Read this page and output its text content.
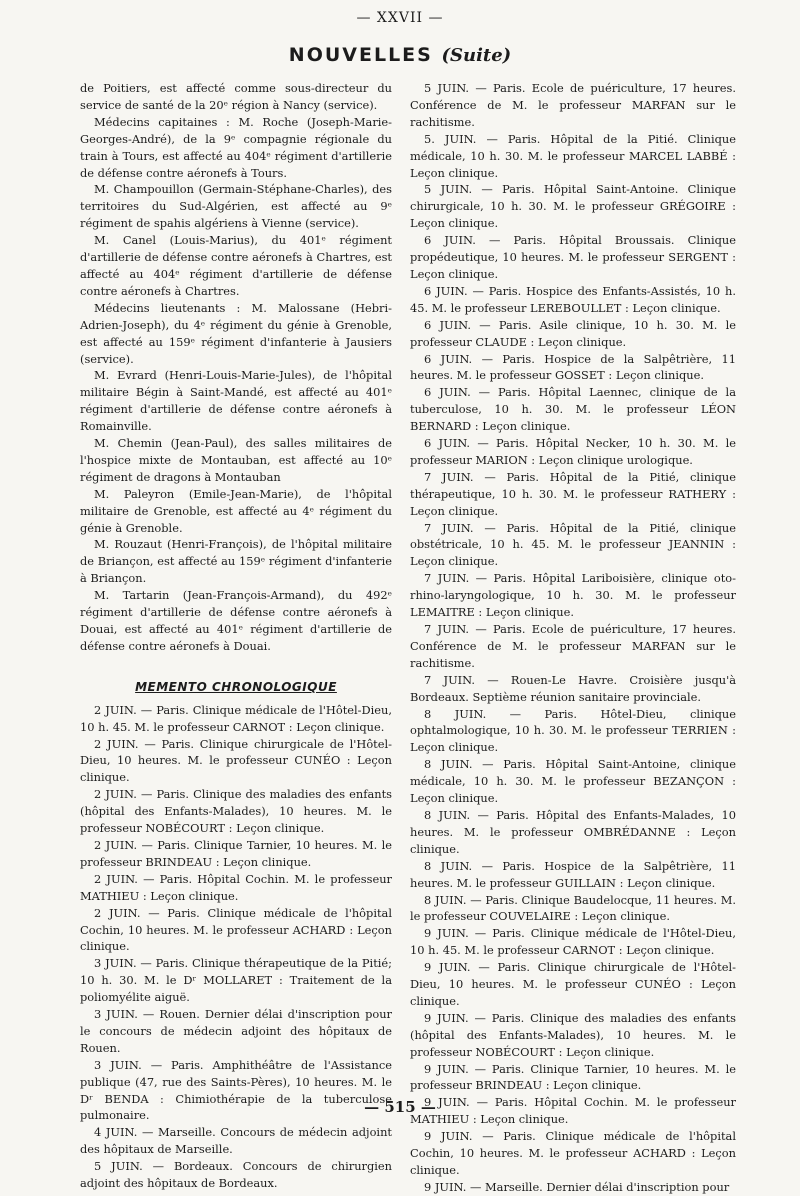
— XXVII —
NOUVELLES (Suite)

de Poitiers, est affecté comme sous-directeur du service de santé de la 20ᵉ région à Nancy (service).

Médecins capitaines : M. Roche (Joseph-Marie-Georges-André), de la 9ᵉ compagnie régionale du train à Tours, est affecté au 404ᵉ régiment d'artillerie de défense contre aéronefs à Tours.

M. Champouillon (Germain-Stéphane-Charles), des territoires du Sud-Algérien, est affecté au 9ᵉ régiment de spahis algériens à Vienne (service).

M. Canel (Louis-Marius), du 401ᵉ régiment d'artillerie de défense contre aéronefs à Chartres, est affecté au 404ᵉ régiment d'artillerie de défense contre aéronefs à Chartres.

Médecins lieutenants : M. Malossane (Hebri-Adrien-Joseph), du 4ᵉ régiment du génie à Grenoble, est affecté au 159ᵉ régiment d'infanterie à Jausiers (service).

M. Evrard (Henri-Louis-Marie-Jules), de l'hôpital militaire Bégin à Saint-Mandé, est affecté au 401ᵉ régiment d'artillerie de défense contre aéronefs à Romainville.

M. Chemin (Jean-Paul), des salles militaires de l'hospice mixte de Montauban, est affecté au 10ᵉ régiment de dragons à Montauban

M. Paleyron (Emile-Jean-Marie), de l'hôpital militaire de Grenoble, est affecté au 4ᵉ régiment du génie à Grenoble.

M. Rouzaut (Henri-François), de l'hôpital militaire de Briançon, est affecté au 159ᵉ régiment d'infanterie à Briançon.

M. Tartarin (Jean-François-Armand), du 492ᵉ régiment d'artillerie de défense contre aéronefs à Douai, est affecté au 401ᵉ régiment d'artillerie de défense contre aéronefs à Douai.

MEMENTO CHRONOLOGIQUE

2 JUIN. — Paris. Clinique médicale de l'Hôtel-Dieu, 10 h. 45. M. le professeur CARNOT : Leçon clinique.

2 JUIN. — Paris. Clinique chirurgicale de l'Hôtel-Dieu, 10 heures. M. le professeur CUNÉO : Leçon clinique.

2 JUIN. — Paris. Clinique des maladies des enfants (hôpital des Enfants-Malades), 10 heures. M. le professeur NOBÉCOURT : Leçon clinique.

2 JUIN. — Paris. Clinique Tarnier, 10 heures. M. le professeur BRINDEAU : Leçon clinique.

2 JUIN. — Paris. Hôpital Cochin. M. le professeur MATHIEU : Leçon clinique.

2 JUIN. — Paris. Clinique médicale de l'hôpital Cochin, 10 heures. M. le professeur ACHARD : Leçon clinique.

3 JUIN. — Paris. Clinique thérapeutique de la Pitié; 10 h. 30. M. le Dʳ MOLLARET : Traitement de la poliomyélite aiguë.

3 JUIN. — Rouen. Dernier délai d'inscription pour le concours de médecin adjoint des hôpitaux de Rouen.

3 JUIN. — Paris. Amphithéâtre de l'Assistance publique (47, rue des Saints-Pères), 10 heures. M. le Dʳ BENDA : Chimiothérapie de la tuberculose pulmonaire.

4 JUIN. — Marseille. Concours de médecin adjoint des hôpitaux de Marseille.

5 JUIN. — Bordeaux. Concours de chirurgien adjoint des hôpitaux de Bordeaux.

5 JUIN. — Paris. Ecole de puériculture, 17 heures. Conférence de M. le professeur MARFAN sur le rachitisme.

5. JUIN. — Paris. Hôpital de la Pitié. Clinique médicale, 10 h. 30. M. le professeur MARCEL LABBÉ : Leçon clinique.

5 JUIN. — Paris. Hôpital Saint-Antoine. Clinique chirurgicale, 10 h. 30. M. le professeur GRÉGOIRE : Leçon clinique.

6 JUIN. — Paris. Hôpital Broussais. Clinique propédeutique, 10 heures. M. le professeur SERGENT : Leçon clinique.

6 JUIN. — Paris. Hospice des Enfants-Assistés, 10 h. 45. M. le professeur LEREBOULLET : Leçon clinique.

6 JUIN. — Paris. Asile clinique, 10 h. 30. M. le professeur CLAUDE : Leçon clinique.

6 JUIN. — Paris. Hospice de la Salpêtrière, 11 heures. M. le professeur GOSSET : Leçon clinique.

6 JUIN. — Paris. Hôpital Laennec, clinique de la tuberculose, 10 h. 30. M. le professeur LÉON BERNARD : Leçon clinique.

6 JUIN. — Paris. Hôpital Necker, 10 h. 30. M. le professeur MARION : Leçon clinique urologique.

7 JUIN. — Paris. Hôpital de la Pitié, clinique thérapeutique, 10 h. 30. M. le professeur RATHERY : Leçon clinique.

7 JUIN. — Paris. Hôpital de la Pitié, clinique obstétricale, 10 h. 45. M. le professeur JEANNIN : Leçon clinique.

7 JUIN. — Paris. Hôpital Lariboisière, clinique oto-rhino-laryngologique, 10 h. 30. M. le professeur LEMAITRE : Leçon clinique.

7 JUIN. — Paris. Ecole de puériculture, 17 heures. Conférence de M. le professeur MARFAN sur le rachitisme.

7 JUIN. — Rouen-Le Havre. Croisière jusqu'à Bordeaux. Septième réunion sanitaire provinciale.

8 JUIN. — Paris. Hôtel-Dieu, clinique ophtalmologique, 10 h. 30. M. le professeur TERRIEN : Leçon clinique.

8 JUIN. — Paris. Hôpital Saint-Antoine, clinique médicale, 10 h. 30. M. le professeur BEZANÇON : Leçon clinique.

8 JUIN. — Paris. Hôpital des Enfants-Malades, 10 heures. M. le professeur OMBRÉDANNE : Leçon clinique.

8 JUIN. — Paris. Hospice de la Salpêtrière, 11 heures. M. le professeur GUILLAIN : Leçon clinique.

8 JUIN. — Paris. Clinique Baudelocque, 11 heures. M. le professeur COUVELAIRE : Leçon clinique.

9 JUIN. — Paris. Clinique médicale de l'Hôtel-Dieu, 10 h. 45. M. le professeur CARNOT : Leçon clinique.

9 JUIN. — Paris. Clinique chirurgicale de l'Hôtel-Dieu, 10 heures. M. le professeur CUNÉO : Leçon clinique.

9 JUIN. — Paris. Clinique des maladies des enfants (hôpital des Enfants-Malades), 10 heures. M. le professeur NOBÉCOURT : Leçon clinique.

9 JUIN. — Paris. Clinique Tarnier, 10 heures. M. le professeur BRINDEAU : Leçon clinique.

9 JUIN. — Paris. Hôpital Cochin. M. le professeur MATHIEU : Leçon clinique.

9 JUIN. — Paris. Clinique médicale de l'hôpital Cochin, 10 heures. M. le professeur ACHARD : Leçon clinique.

9 JUIN. — Marseille. Dernier délai d'inscription pour

— 515 —
